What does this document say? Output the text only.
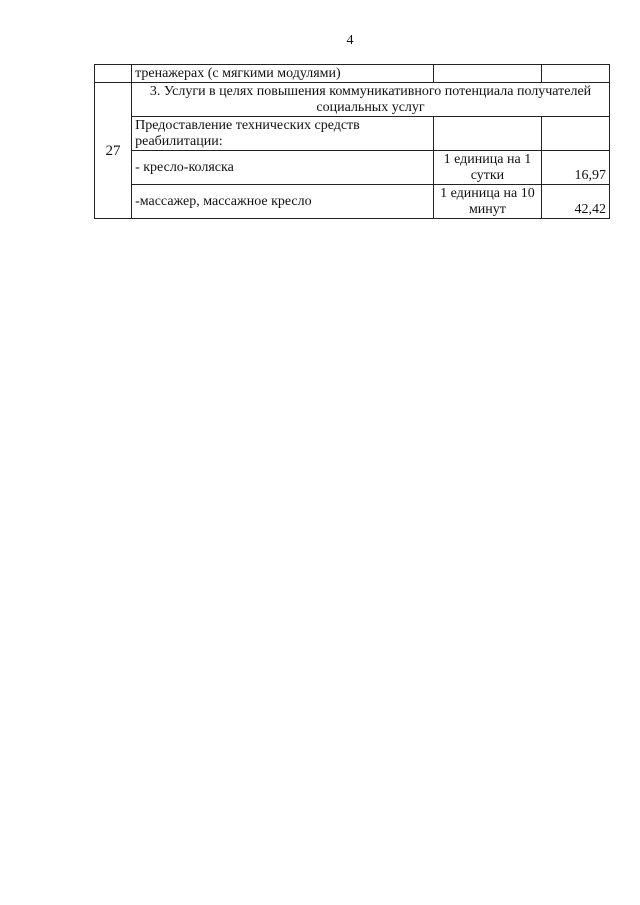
4
	тренажерах (с мягкими модулями)		
27	3. Услуги в целях повышения коммуникативного потенциала получателей социальных услуг		
	Предоставление технических средств реабилитации:		
	- кресло-коляска	1 единица на 1 сутки	16,97
	-массажер, массажное кресло	1 единица на 10 минут	42,42
